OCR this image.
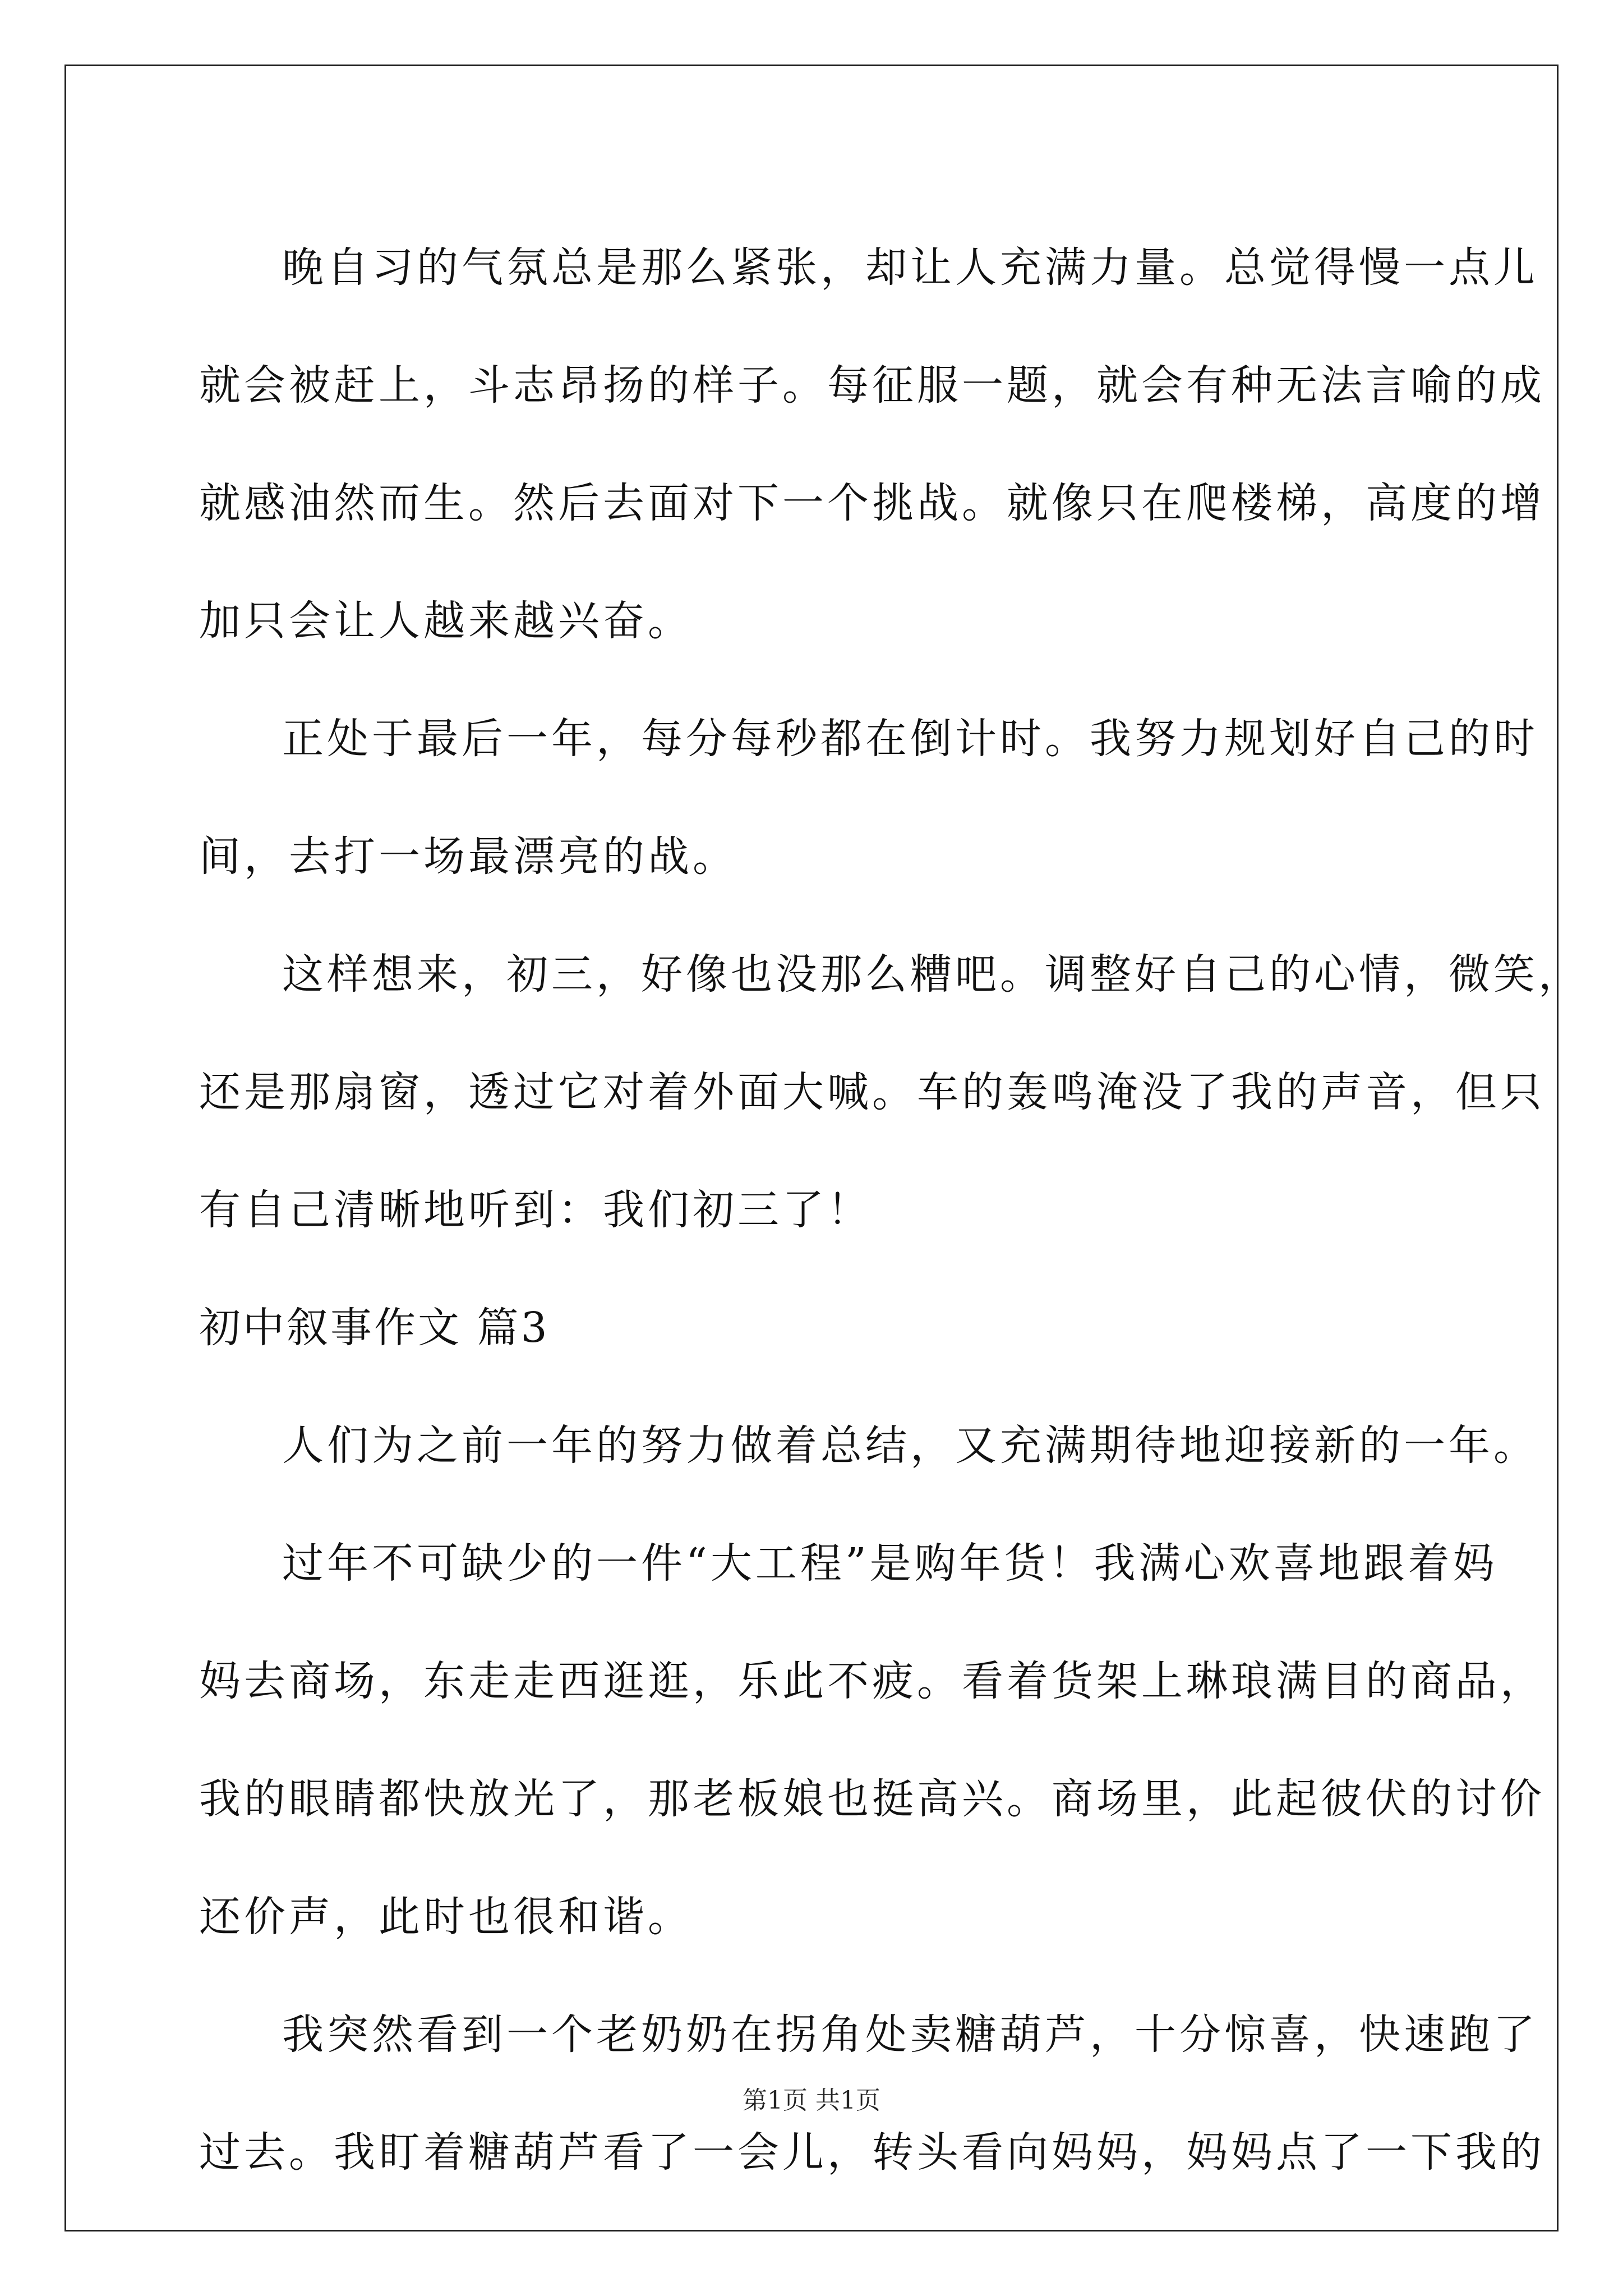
晚自习的气氛总是那么紧张，却让人充满力量。总觉得慢一点儿
就会被赶上，斗志昂扬的样子。每征服一题，就会有种无法言喻的成
就感油然而生。然后去面对下一个挑战。就像只在爬楼梯，高度的增
加只会让人越来越兴奋。
正处于最后一年，每分每秒都在倒计时。我努力规划好自己的时
间，去打一场最漂亮的战。
这样想来，初三，好像也没那么糟吧。调整好自己的心情，微笑，
还是那扇窗，透过它对着外面大喊。车的轰鸣淹没了我的声音，但只
有自己清晰地听到：我们初三了！
初中叙事作文 篇3
人们为之前一年的努力做着总结，又充满期待地迎接新的一年。
过年不可缺少的一件“大工程”是购年货！我满心欢喜地跟着妈
妈去商场，东走走西逛逛，乐此不疲。看着货架上琳琅满目的商品，
我的眼睛都快放光了，那老板娘也挺高兴。商场里，此起彼伏的讨价
还价声，此时也很和谐。
我突然看到一个老奶奶在拐角处卖糖葫芦，十分惊喜，快速跑了
过去。我盯着糖葫芦看了一会儿，转头看向妈妈，妈妈点了一下我的
第1页 共1页
